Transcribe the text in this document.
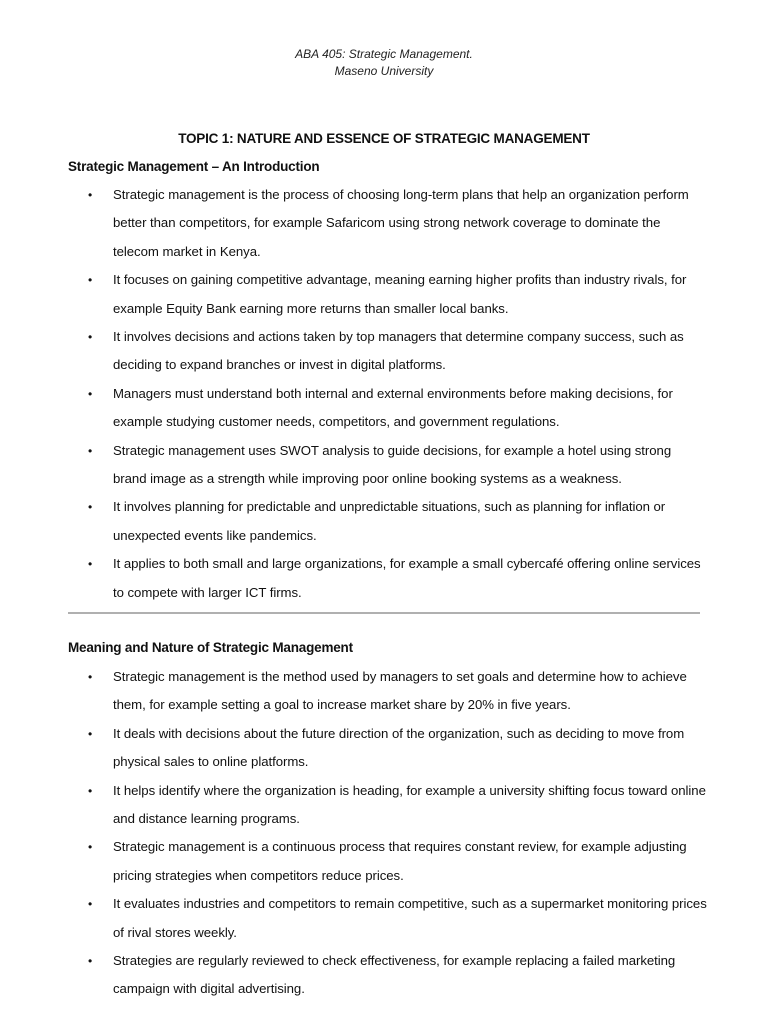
ABA 405: Strategic Management.
Maseno University
TOPIC 1: NATURE AND ESSENCE OF STRATEGIC MANAGEMENT
Strategic Management – An Introduction
• Strategic management is the process of choosing long-term plans that help an organization perform better than competitors, for example Safaricom using strong network coverage to dominate the telecom market in Kenya.
• It focuses on gaining competitive advantage, meaning earning higher profits than industry rivals, for example Equity Bank earning more returns than smaller local banks.
• It involves decisions and actions taken by top managers that determine company success, such as deciding to expand branches or invest in digital platforms.
• Managers must understand both internal and external environments before making decisions, for example studying customer needs, competitors, and government regulations.
• Strategic management uses SWOT analysis to guide decisions, for example a hotel using strong brand image as a strength while improving poor online booking systems as a weakness.
• It involves planning for predictable and unpredictable situations, such as planning for inflation or unexpected events like pandemics.
• It applies to both small and large organizations, for example a small cybercafé offering online services to compete with larger ICT firms.
Meaning and Nature of Strategic Management
• Strategic management is the method used by managers to set goals and determine how to achieve them, for example setting a goal to increase market share by 20% in five years.
• It deals with decisions about the future direction of the organization, such as deciding to move from physical sales to online platforms.
• It helps identify where the organization is heading, for example a university shifting focus toward online and distance learning programs.
• Strategic management is a continuous process that requires constant review, for example adjusting pricing strategies when competitors reduce prices.
• It evaluates industries and competitors to remain competitive, such as a supermarket monitoring prices of rival stores weekly.
• Strategies are regularly reviewed to check effectiveness, for example replacing a failed marketing campaign with digital advertising.
